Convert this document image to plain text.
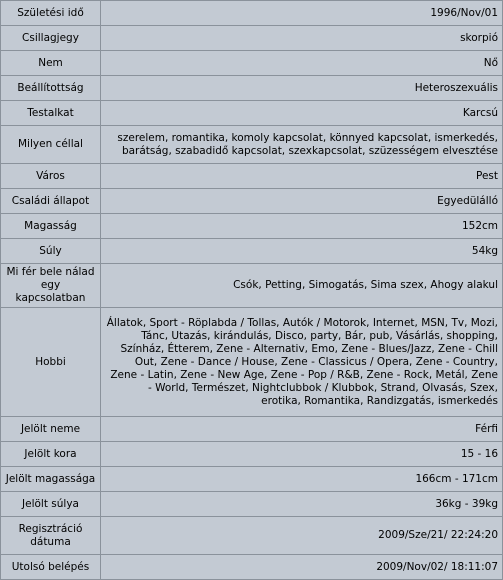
Születési idő	1996/Nov/01
Csillagjegy	skorpió
Nem	Nő
Beállítottság	Heteroszexuális
Testalkat	Karcsú
Milyen céllal	szerelem, romantika, komoly kapcsolat, könnyed kapcsolat, ismerkedés, barátság, szabadidő kapcsolat, szexkapcsolat, szüzességem elvesztése
Város	Pest
Családi állapot	Egyedülálló
Magasság	152cm
Súly	54kg
Mi fér bele nálad egy kapcsolatban	Csók, Petting, Simogatás, Sima szex, Ahogy alakul
Hobbi	Állatok, Sport - Röplabda / Tollas, Autók / Motorok, Internet, MSN, Tv, Mozi, Tánc, Utazás, kirándulás, Disco, party, Bár, pub, Vásárlás, shopping, Színház, Étterem, Zene - Alternativ, Emo, Zene - Blues/Jazz, Zene - Chill Out, Zene - Dance / House, Zene - Classicus / Opera, Zene - Country, Zene - Latin, Zene - New Age, Zene - Pop / R&B, Zene - Rock, Metál, Zene - World, Természet, Nightclubbok / Klubbok, Strand, Olvasás, Szex, erotika, Romantika, Randizgatás, ismerkedés
Jelölt neme	Férfi
Jelölt kora	15 - 16
Jelölt magassága	166cm - 171cm
Jelölt súlya	36kg - 39kg
Regisztráció dátuma	2009/Sze/21/ 22:24:20
Utolsó belépés	2009/Nov/02/ 18:11:07
